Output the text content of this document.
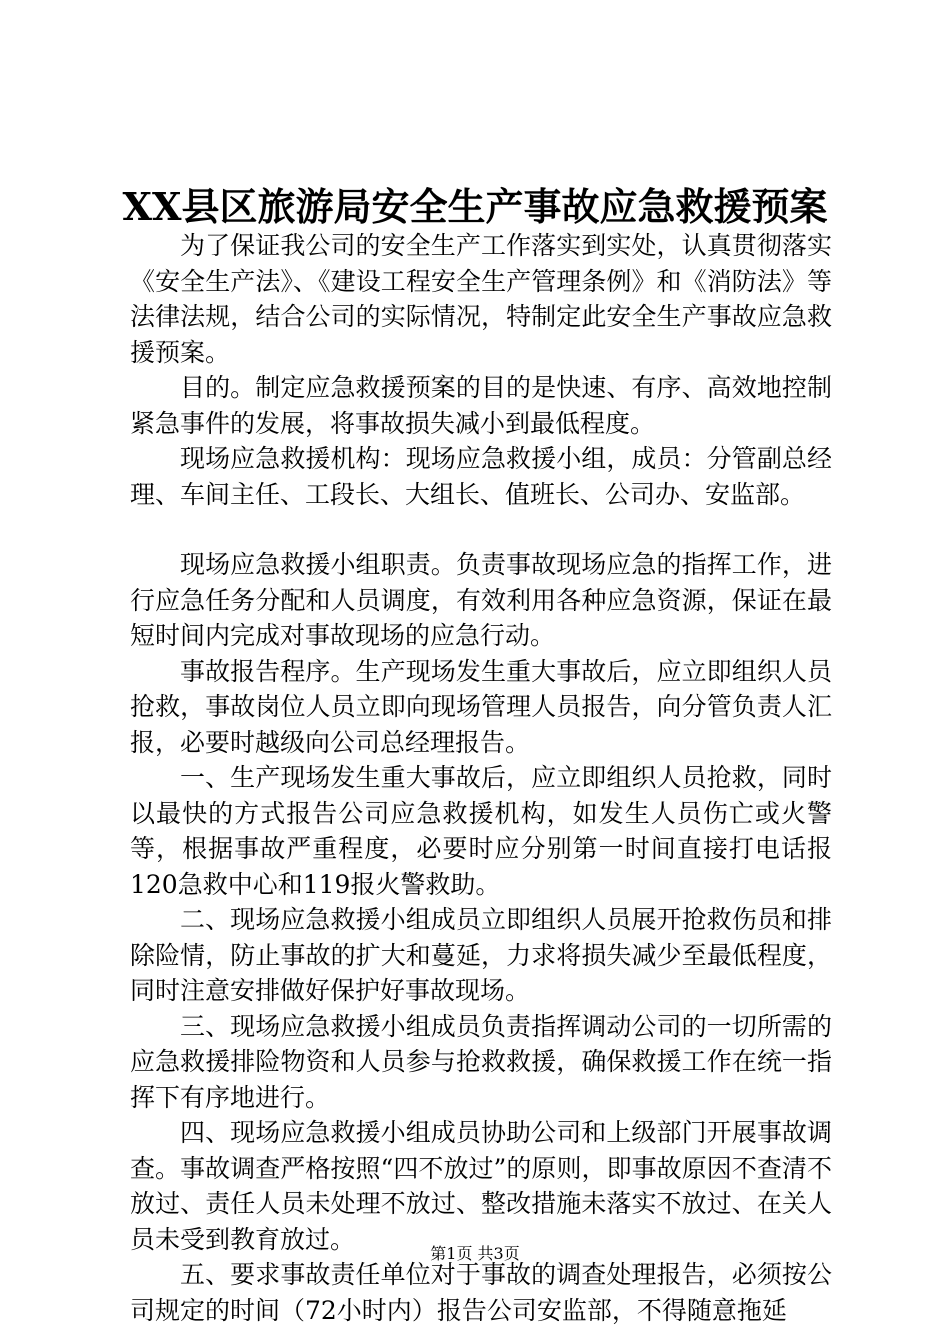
XX县区旅游局安全生产事故应急救援预案

为了保证我公司的安全生产工作落实到实处，认真贯彻落实《安全生产法》、《建设工程安全生产管理条例》和《消防法》等法律法规，结合公司的实际情况，特制定此安全生产事故应急救援预案。

目的。制定应急救援预案的目的是快速、有序、高效地控制紧急事件的发展，将事故损失减小到最低程度。

现场应急救援机构：现场应急救援小组，成员：分管副总经理、车间主任、工段长、大组长、值班长、公司办、安监部。

现场应急救援小组职责。负责事故现场应急的指挥工作，进行应急任务分配和人员调度，有效利用各种应急资源，保证在最短时间内完成对事故现场的应急行动。

事故报告程序。生产现场发生重大事故后，应立即组织人员抢救，事故岗位人员立即向现场管理人员报告，向分管负责人汇报，必要时越级向公司总经理报告。

一、生产现场发生重大事故后，应立即组织人员抢救，同时以最快的方式报告公司应急救援机构，如发生人员伤亡或火警等，根据事故严重程度，必要时应分别第一时间直接打电话报120急救中心和119报火警救助。

二、现场应急救援小组成员立即组织人员展开抢救伤员和排除险情，防止事故的扩大和蔓延，力求将损失减少至最低程度，同时注意安排做好保护好事故现场。

三、现场应急救援小组成员负责指挥调动公司的一切所需的应急救援排险物资和人员参与抢救救援，确保救援工作在统一指挥下有序地进行。

四、现场应急救援小组成员协助公司和上级部门开展事故调查。事故调查严格按照“四不放过”的原则，即事故原因不查清不放过、责任人员未处理不放过、整改措施未落实不放过、在关人员未受到教育放过。

五、要求事故责任单位对于事故的调查处理报告，必须按公司规定的时间（72小时内）报告公司安监部，不得随意拖延

第1页 共3页
